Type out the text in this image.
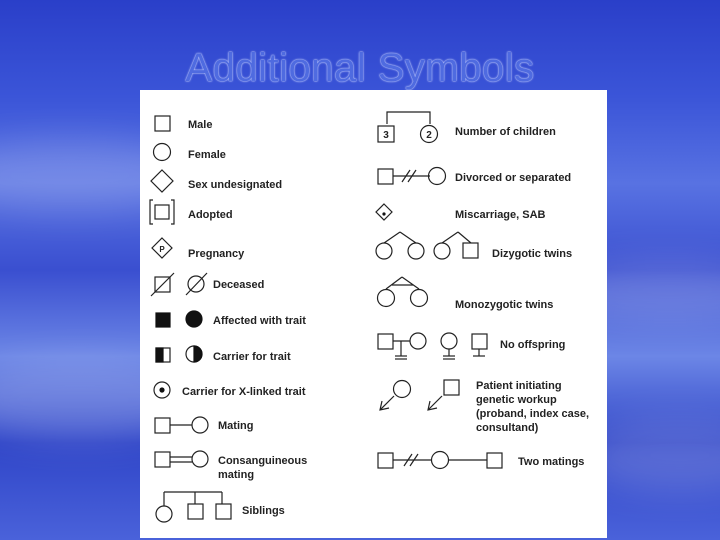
Additional Symbols
Male
Female
Sex undesignated
Adopted
P Pregnancy
Deceased
Affected with trait
Carrier for trait
Carrier for X-linked trait
Mating
Consanguineous
mating
Siblings
3	2 Number of children
Divorced or separated
Miscarriage, SAB
Dizygotic twins
Monozygotic twins
No offspring
Patient initiating
genetic workup
(proband, index case,
consultand)
Two matings
